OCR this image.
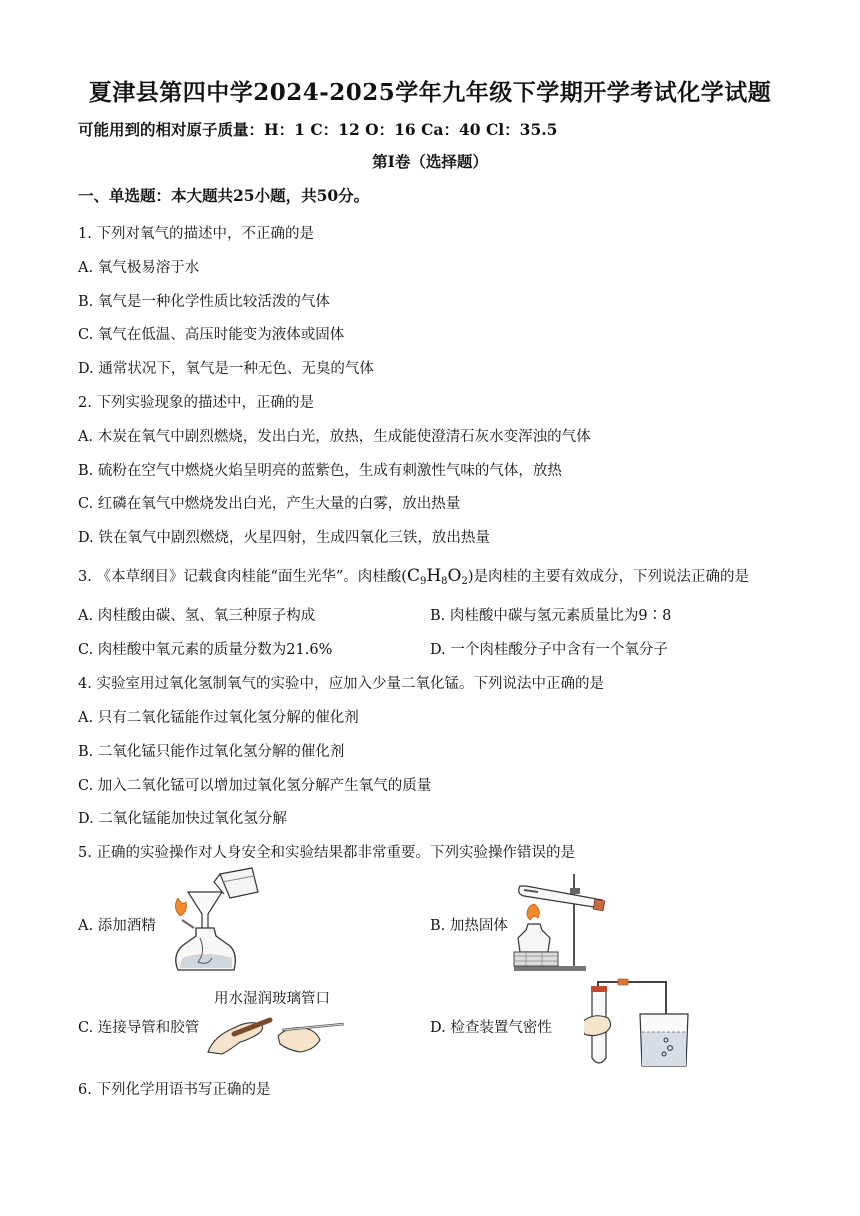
夏津县第四中学2024-2025学年九年级下学期开学考试化学试题
可能用到的相对原子质量：H：1 C：12 O：16 Ca：40 Cl：35.5
第Ⅰ卷（选择题）
一、单选题：本大题共25小题，共50分。
1. 下列对氧气的描述中，不正确的是
A. 氧气极易溶于水
B. 氧气是一种化学性质比较活泼的气体
C. 氧气在低温、高压时能变为液体或固体
D. 通常状况下，氧气是一种无色、无臭的气体
2. 下列实验现象的描述中，正确的是
A. 木炭在氧气中剧烈燃烧，发出白光，放热，生成能使澄清石灰水变浑浊的气体
B. 硫粉在空气中燃烧火焰呈明亮的蓝紫色，生成有刺激性气味的气体，放热
C. 红磷在氧气中燃烧发出白光，产生大量的白雾，放出热量
D. 铁在氧气中剧烈燃烧，火星四射，生成四氧化三铁，放出热量
3. 《本草纲目》记载食肉桂能“面生光华”。肉桂酸$(C_9H_8O_2)$是肉桂的主要有效成分，下列说法正确的是
A. 肉桂酸由碳、氢、氧三种原子构成	B. 肉桂酸中碳与氢元素质量比为9∶8
C. 肉桂酸中氧元素的质量分数为21.6%	D. 一个肉桂酸分子中含有一个氧分子
4. 实验室用过氧化氢制氧气的实验中，应加入少量二氧化锰。下列说法中正确的是
A. 只有二氧化锰能作过氧化氢分解的催化剂
B. 二氧化锰只能作过氧化氢分解的催化剂
C. 加入二氧化锰可以增加过氧化氢分解产生氧气的质量
D. 二氧化锰能加快过氧化氢分解
5. 正确的实验操作对人身安全和实验结果都非常重要。下列实验操作错误的是
A. 添加酒精	B. 加热固体
C. 连接导管和胶管	D. 检查装置气密性
用水湿润玻璃管口
6. 下列化学用语书写正确的是
